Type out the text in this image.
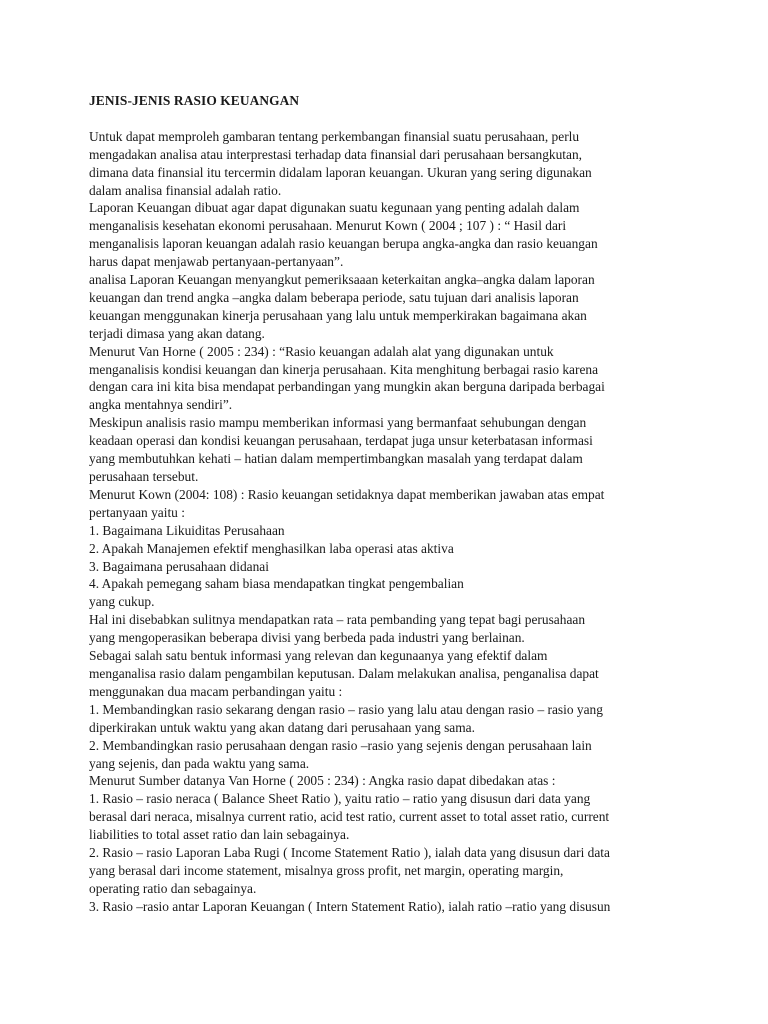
JENIS-JENIS RASIO KEUANGAN
Untuk dapat memproleh gambaran tentang perkembangan finansial suatu perusahaan, perlu
mengadakan analisa atau interprestasi terhadap data finansial dari perusahaan bersangkutan,
dimana data finansial itu tercermin didalam laporan keuangan. Ukuran yang sering digunakan
dalam analisa finansial adalah ratio.
Laporan Keuangan dibuat agar dapat digunakan suatu kegunaan yang penting adalah dalam
menganalisis kesehatan ekonomi perusahaan. Menurut Kown ( 2004 ; 107 ) : “ Hasil dari
menganalisis laporan keuangan adalah rasio keuangan berupa angka-angka dan rasio keuangan
harus dapat menjawab pertanyaan-pertanyaan”.
analisa Laporan Keuangan menyangkut pemeriksaaan keterkaitan angka–angka dalam laporan
keuangan dan trend angka –angka dalam beberapa periode, satu tujuan dari analisis laporan
keuangan menggunakan kinerja perusahaan yang lalu untuk memperkirakan bagaimana akan
terjadi dimasa yang akan datang.
Menurut Van Horne ( 2005 : 234) : “Rasio keuangan adalah alat yang digunakan untuk
menganalisis kondisi keuangan dan kinerja perusahaan. Kita menghitung berbagai rasio karena
dengan cara ini kita bisa mendapat perbandingan yang mungkin akan berguna daripada berbagai
angka mentahnya sendiri”.
Meskipun analisis rasio mampu memberikan informasi yang bermanfaat sehubungan dengan
keadaan operasi dan kondisi keuangan perusahaan, terdapat juga unsur keterbatasan informasi
yang membutuhkan kehati – hatian dalam mempertimbangkan masalah yang terdapat dalam
perusahaan tersebut.
Menurut Kown (2004: 108) : Rasio keuangan setidaknya dapat memberikan jawaban atas empat
pertanyaan yaitu :
1. Bagaimana Likuiditas Perusahaan
2. Apakah Manajemen efektif menghasilkan laba operasi atas aktiva
3. Bagaimana perusahaan didanai
4. Apakah pemegang saham biasa mendapatkan tingkat pengembalian
yang cukup.
Hal ini disebabkan sulitnya mendapatkan rata – rata pembanding yang tepat bagi perusahaan
yang mengoperasikan beberapa divisi yang berbeda pada industri yang berlainan.
Sebagai salah satu bentuk informasi yang relevan dan kegunaanya yang efektif dalam
menganalisa rasio dalam pengambilan keputusan. Dalam melakukan analisa, penganalisa dapat
menggunakan dua macam perbandingan yaitu :
1. Membandingkan rasio sekarang dengan rasio – rasio yang lalu atau dengan rasio – rasio yang
diperkirakan untuk waktu yang akan datang dari perusahaan yang sama.
2. Membandingkan rasio perusahaan dengan rasio –rasio yang sejenis dengan perusahaan lain
yang sejenis, dan pada waktu yang sama.
Menurut Sumber datanya Van Horne ( 2005 : 234) : Angka rasio dapat dibedakan atas :
1. Rasio – rasio neraca ( Balance Sheet Ratio ), yaitu ratio – ratio yang disusun dari data yang
berasal dari neraca, misalnya current ratio, acid test ratio, current asset to total asset ratio, current
liabilities to total asset ratio dan lain sebagainya.
2. Rasio – rasio Laporan Laba Rugi ( Income Statement Ratio ), ialah data yang disusun dari data
yang berasal dari income statement, misalnya gross profit, net margin, operating margin,
operating ratio dan sebagainya.
3. Rasio –rasio antar Laporan Keuangan ( Intern Statement Ratio), ialah ratio –ratio yang disusun
